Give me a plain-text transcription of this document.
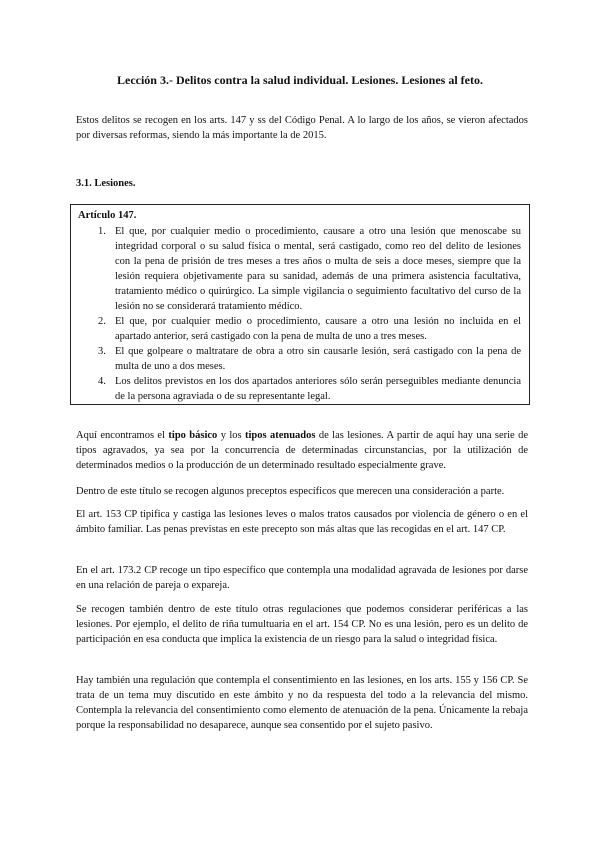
Lección 3.- Delitos contra la salud individual. Lesiones. Lesiones al feto.

Estos delitos se recogen en los arts. 147 y ss del Código Penal. A lo largo de los años, se vieron afectados por diversas reformas, siendo la más importante la de 2015.

3.1. Lesiones.
Artículo 147.
1. El que, por cualquier medio o procedimiento, causare a otro una lesión que menoscabe su integridad corporal o su salud física o mental, será castigado, como reo del delito de lesiones con la pena de prisión de tres meses a tres años o multa de seis a doce meses, siempre que la lesión requiera objetivamente para su sanidad, además de una primera asistencia facultativa, tratamiento médico o quirúrgico. La simple vigilancia o seguimiento facultativo del curso de la lesión no se considerará tratamiento médico.
2. El que, por cualquier medio o procedimiento, causare a otro una lesión no incluida en el apartado anterior, será castigado con la pena de multa de uno a tres meses.
3. El que golpeare o maltratare de obra a otro sin causarle lesión, será castigado con la pena de multa de uno a dos meses.
4. Los delitos previstos en los dos apartados anteriores sólo serán perseguibles mediante denuncia de la persona agraviada o de su representante legal.

Aquí encontramos el tipo básico y los tipos atenuados de las lesiones. A partir de aquí hay una serie de tipos agravados, ya sea por la concurrencia de determinadas circunstancias, por la utilización de determinados medios o la producción de un determinado resultado especialmente grave.

Dentro de este título se recogen algunos preceptos específicos que merecen una consideración a parte.

El art. 153 CP tipifica y castiga las lesiones leves o malos tratos causados por violencia de género o en el ámbito familiar. Las penas previstas en este precepto son más altas que las recogidas en el art. 147 CP.

En el art. 173.2 CP recoge un tipo específico que contempla una modalidad agravada de lesiones por darse en una relación de pareja o expareja.

Se recogen también dentro de este título otras regulaciones que podemos considerar periféricas a las lesiones. Por ejemplo, el delito de riña tumultuaria en el art. 154 CP. No es una lesión, pero es un delito de participación en esa conducta que implica la existencia de un riesgo para la salud o integridad física.

Hay también una regulación que contempla el consentimiento en las lesiones, en los arts. 155 y 156 CP. Se trata de un tema muy discutido en este ámbito y no da respuesta del todo a la relevancia del mismo. Contempla la relevancia del consentimiento como elemento de atenuación de la pena. Únicamente la rebaja porque la responsabilidad no desaparece, aunque sea consentido por el sujeto pasivo.
